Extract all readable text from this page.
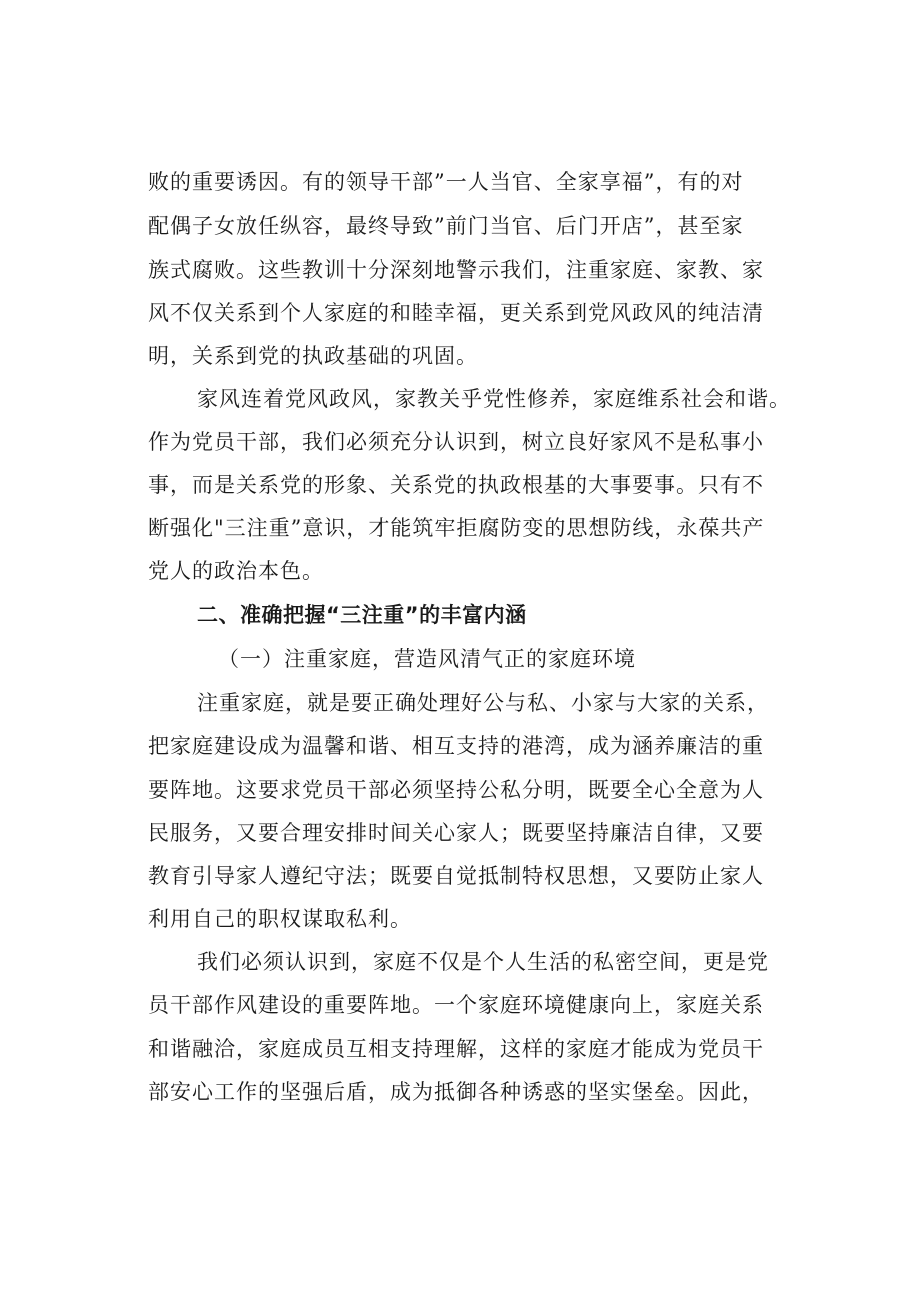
败的重要诱因。有的领导干部”一人当官、全家享福”，有的对
配偶子女放任纵容，最终导致”前门当官、后门开店”，甚至家
族式腐败。这些教训十分深刻地警示我们，注重家庭、家教、家
风不仅关系到个人家庭的和睦幸福，更关系到党风政风的纯洁清
明，关系到党的执政基础的巩固。
家风连着党风政风，家教关乎党性修养，家庭维系社会和谐。
作为党员干部，我们必须充分认识到，树立良好家风不是私事小
事，而是关系党的形象、关系党的执政根基的大事要事。只有不
断强化"三注重”意识，才能筑牢拒腐防变的思想防线，永葆共产
党人的政治本色。
二、准确把握“三注重”的丰富内涵
（一）注重家庭，营造风清气正的家庭环境
注重家庭，就是要正确处理好公与私、小家与大家的关系，
把家庭建设成为温馨和谐、相互支持的港湾，成为涵养廉洁的重
要阵地。这要求党员干部必须坚持公私分明，既要全心全意为人
民服务，又要合理安排时间关心家人；既要坚持廉洁自律，又要
教育引导家人遵纪守法；既要自觉抵制特权思想，又要防止家人
利用自己的职权谋取私利。
我们必须认识到，家庭不仅是个人生活的私密空间，更是党
员干部作风建设的重要阵地。一个家庭环境健康向上，家庭关系
和谐融洽，家庭成员互相支持理解，这样的家庭才能成为党员干
部安心工作的坚强后盾，成为抵御各种诱惑的坚实堡垒。因此，
